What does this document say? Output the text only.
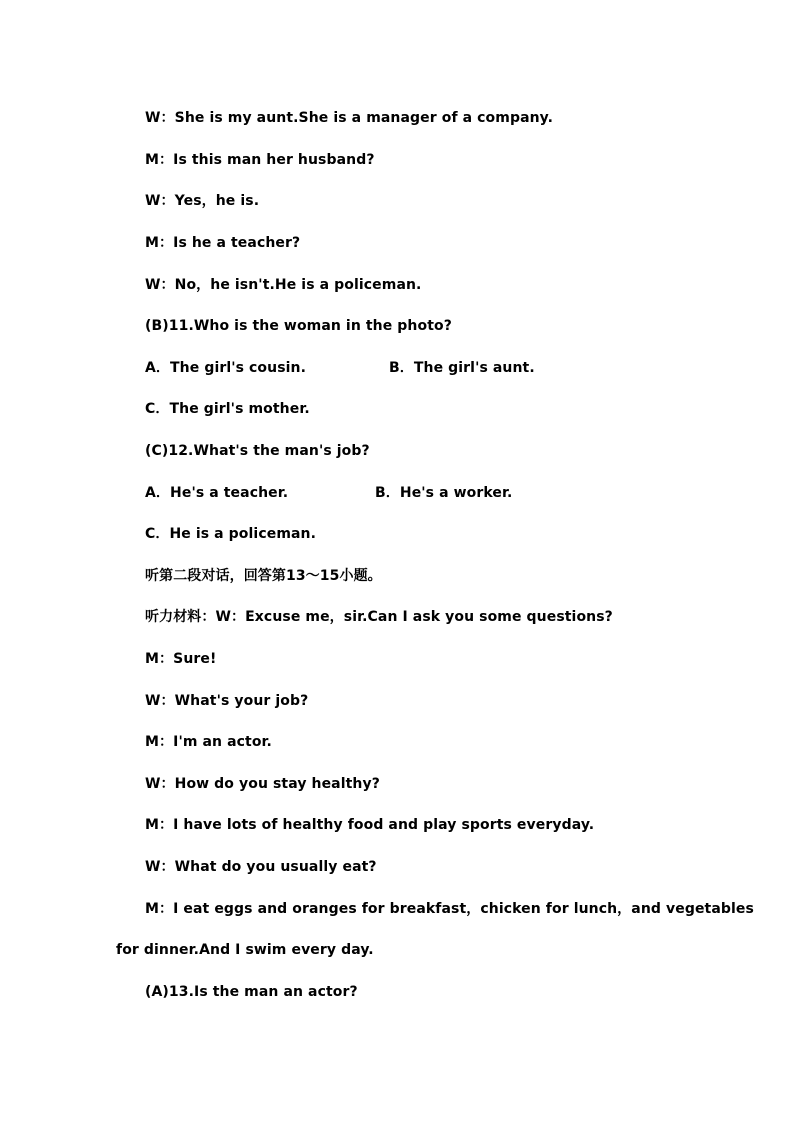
W：She is my aunt.She is a manager of a company.
M：Is this man her husband?
W：Yes，he is.
M：Is he a teacher?
W：No，he isn't.He is a policeman.
(B)11.Who is the woman in the photo?
A．The girl's cousin.	B．The girl's aunt.
C．The girl's mother.
(C)12.What's the man's job?
A．He's a teacher.	B．He's a worker.
C．He is a policeman.
听第二段对话，回答第13～15小题。
听力材料：W：Excuse me，sir.Can I ask you some questions?
M：Sure!
W：What's your job?
M：I'm an actor.
W：How do you stay healthy?
M：I have lots of healthy food and play sports everyday.
W：What do you usually eat?
M：I eat eggs and oranges for breakfast，chicken for lunch，and vegetables
for dinner.And I swim every day.
(A)13.Is the man an actor?
